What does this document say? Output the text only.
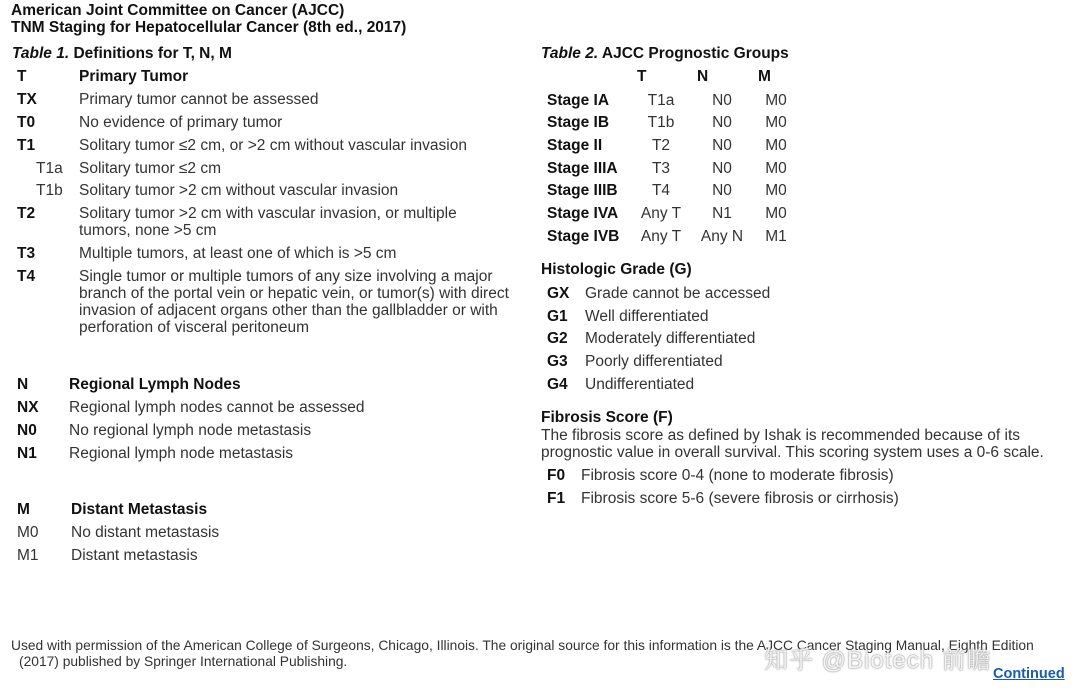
American Joint Committee on Cancer (AJCC)
TNM Staging for Hepatocellular Cancer (8th ed., 2017)
Table 1. Definitions for T, N, M
T	Primary Tumor
TX	Primary tumor cannot be assessed
T0	No evidence of primary tumor
T1	Solitary tumor ≤2 cm, or >2 cm without vascular invasion
T1a Solitary tumor ≤2 cm
T1b Solitary tumor >2 cm without vascular invasion
T2	Solitary tumor >2 cm with vascular invasion, or multiple tumors, none >5 cm
T3	Multiple tumors, at least one of which is >5 cm
T4	Single tumor or multiple tumors of any size involving a major branch of the portal vein or hepatic vein, or tumor(s) with direct invasion of adjacent organs other than the gallbladder or with perforation of visceral peritoneum
N	Regional Lymph Nodes
NX Regional lymph nodes cannot be assessed
N0 No regional lymph node metastasis
N1 Regional lymph node metastasis
M	Distant Metastasis
M0 No distant metastasis
M1 Distant metastasis
Table 2. AJCC Prognostic Groups
T	N	M
Stage IA	T1a	N0	M0
Stage IB	T1b	N0	M0
Stage II	T2	N0	M0
Stage IIIA	T3	N0	M0
Stage IIIB	T4	N0	M0
Stage IVA	Any T	N1	M0
Stage IVB	Any T	Any N	M1
Histologic Grade (G)
GX Grade cannot be accessed
G1 Well differentiated
G2 Moderately differentiated
G3 Poorly differentiated
G4 Undifferentiated
Fibrosis Score (F)
The fibrosis score as defined by Ishak is recommended because of its
prognostic value in overall survival. This scoring system uses a 0-6 scale.
F0 Fibrosis score 0-4 (none to moderate fibrosis)
F1 Fibrosis score 5-6 (severe fibrosis or cirrhosis)
Used with permission of the American College of Surgeons, Chicago, Illinois. The original source for this information is the AJCC Cancer Staging Manual, Eighth Edition
(2017) published by Springer International Publishing.	知乎 @Biotech 前瞻 Continued
